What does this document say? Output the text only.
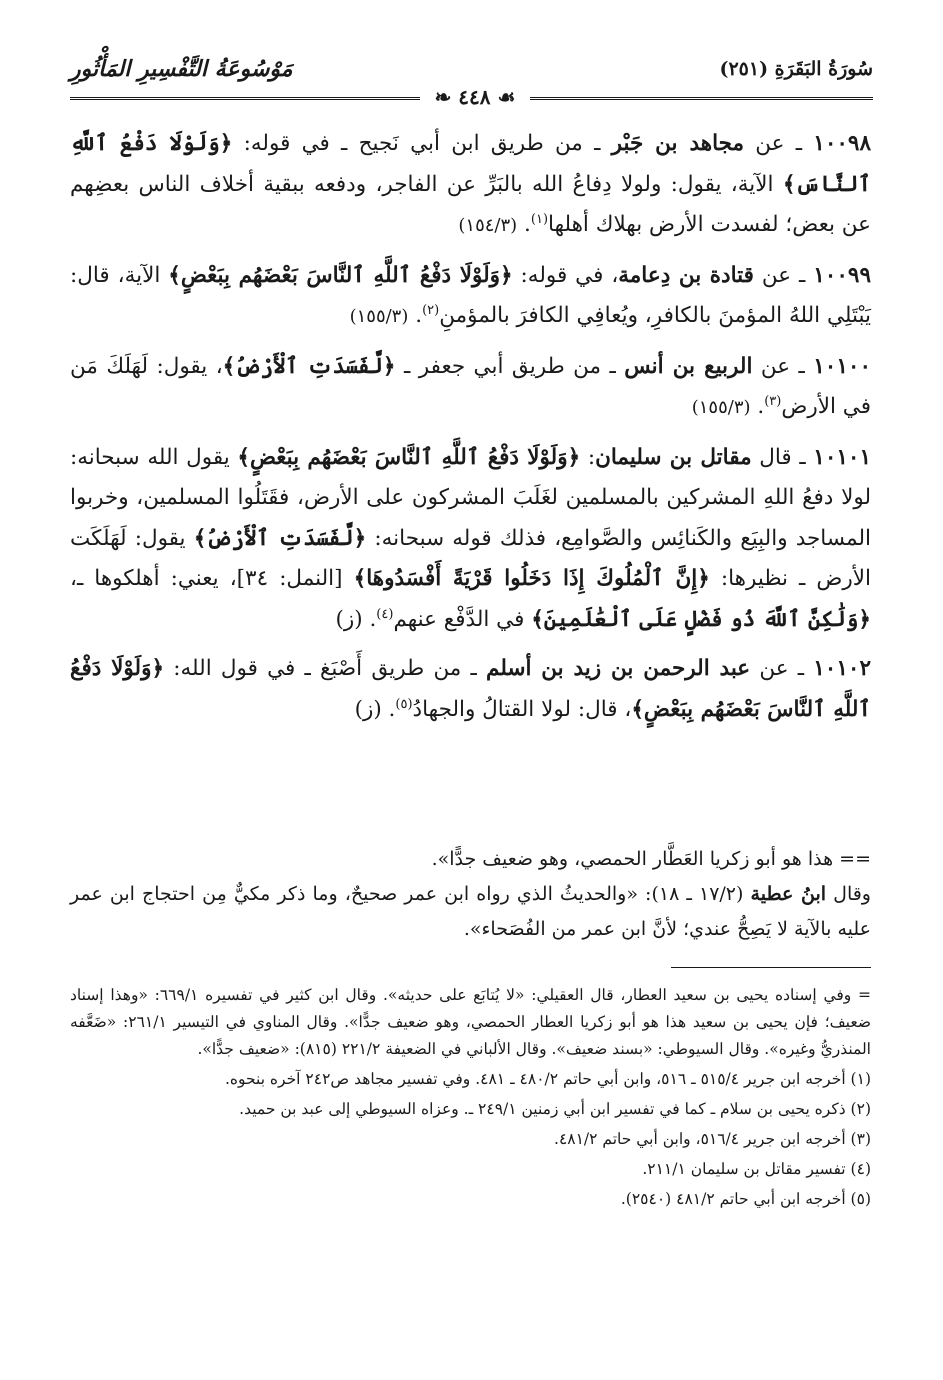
سُورَةُ البَقَرَةِ (٢٥١)
مَوْسُوعَةُ التَّفْسِيرِ المَأْثُورِ
❧ ٤٤٨ ☙

١٠٠٩٨ ـ عن مجاهد بن جَبْر ـ من طريق ابن أبي نَجيح ـ في قوله: ﴿وَلَوْلَا دَفْعُ ٱللَّهِ ٱلنَّاسَ﴾ الآية، يقول: ولولا دِفاعُ الله بالبَرِّ عن الفاجر، ودفعه ببقية أخلاف الناس بعضِهم عن بعض؛ لفسدت الأرض بهلاك أهلها$^{(١)}$. (١٥٤/٣)

١٠٠٩٩ ـ عن قتادة بن دِعامة، في قوله: ﴿وَلَوْلَا دَفْعُ ٱللَّهِ ٱلنَّاسَ بَعْضَهُم بِبَعْضٍ﴾ الآية، قال: يَبْتَلِي اللهُ المؤمنَ بالكافرِ، ويُعافِي الكافرَ بالمؤمنِ$^{(٢)}$. (١٥٥/٣)

١٠١٠٠ ـ عن الربيع بن أنس ـ من طريق أبي جعفر ـ ﴿لَّفَسَدَتِ ٱلْأَرْضُ﴾، يقول: لَهَلَكَ مَن في الأرض$^{(٣)}$. (١٥٥/٣)

١٠١٠١ ـ قال مقاتل بن سليمان: ﴿وَلَوْلَا دَفْعُ ٱللَّهِ ٱلنَّاسَ بَعْضَهُم بِبَعْضٍ﴾ يقول الله سبحانه: لولا دفعُ اللهِ المشركين بالمسلمين لغَلَبَ المشركون على الأرض، فقَتَلُوا المسلمين، وخربوا المساجد والبِيَع والكَنائِس والصَّوامِع، فذلك قوله سبحانه: ﴿لَّفَسَدَتِ ٱلْأَرْضُ﴾ يقول: لَهَلَكَت الأرض ـ نظيرها: ﴿إِنَّ ٱلْمُلُوكَ إِذَا دَخَلُوا قَرْيَةً أَفْسَدُوهَا﴾ [النمل: ٣٤]، يعني: أهلكوها ـ، ﴿وَلَٰكِنَّ ٱللَّهَ ذُو فَضْلٍ عَلَى ٱلْعَٰلَمِينَ﴾ في الدَّفْع عنهم$^{(٤)}$. (ز)

١٠١٠٢ ـ عن عبد الرحمن بن زيد بن أسلم ـ من طريق أَصْبَغ ـ في قول الله: ﴿وَلَوْلَا دَفْعُ ٱللَّهِ ٱلنَّاسَ بَعْضَهُم بِبَعْضٍ﴾، قال: لولا القتالُ والجهادُ$^{(٥)}$. (ز)

== هذا هو أبو زكريا العَطَّار الحمصي، وهو ضعيف جدًّا».

وقال ابنُ عطية (١٧/٢ ـ ١٨): «والحديثُ الذي رواه ابن عمر صحيحٌ، وما ذكر مكيٌّ مِن احتجاج ابن عمر عليه بالآية لا يَصِحُّ عندي؛ لأنَّ ابن عمر من الفُصَحاء».

= وفي إسناده يحيى بن سعيد العطار، قال العقيلي: «لا يُتابَع على حديثه». وقال ابن كثير في تفسيره ٦٦٩/١: «وهذا إسناد ضعيف؛ فإن يحيى بن سعيد هذا هو أبو زكريا العطار الحمصي، وهو ضعيف جدًّا». وقال المناوي في التيسير ٢٦١/١: «ضَعَّفه المنذريُّ وغيره». وقال السيوطي: «بسند ضعيف». وقال الألباني في الضعيفة ٢٢١/٢ (٨١٥): «ضعيف جدًّا».

(١) أخرجه ابن جرير ٥١٥/٤ ـ ٥١٦، وابن أبي حاتم ٤٨٠/٢ ـ ٤٨١. وفي تفسير مجاهد ص٢٤٢ آخره بنحوه.

(٢) ذكره يحيى بن سلام ـ كما في تفسير ابن أبي زمنين ٢٤٩/١ ـ. وعزاه السيوطي إلى عبد بن حميد.

(٣) أخرجه ابن جرير ٥١٦/٤، وابن أبي حاتم ٤٨١/٢.

(٤) تفسير مقاتل بن سليمان ٢١١/١.

(٥) أخرجه ابن أبي حاتم ٤٨١/٢ (٢٥٤٠).
